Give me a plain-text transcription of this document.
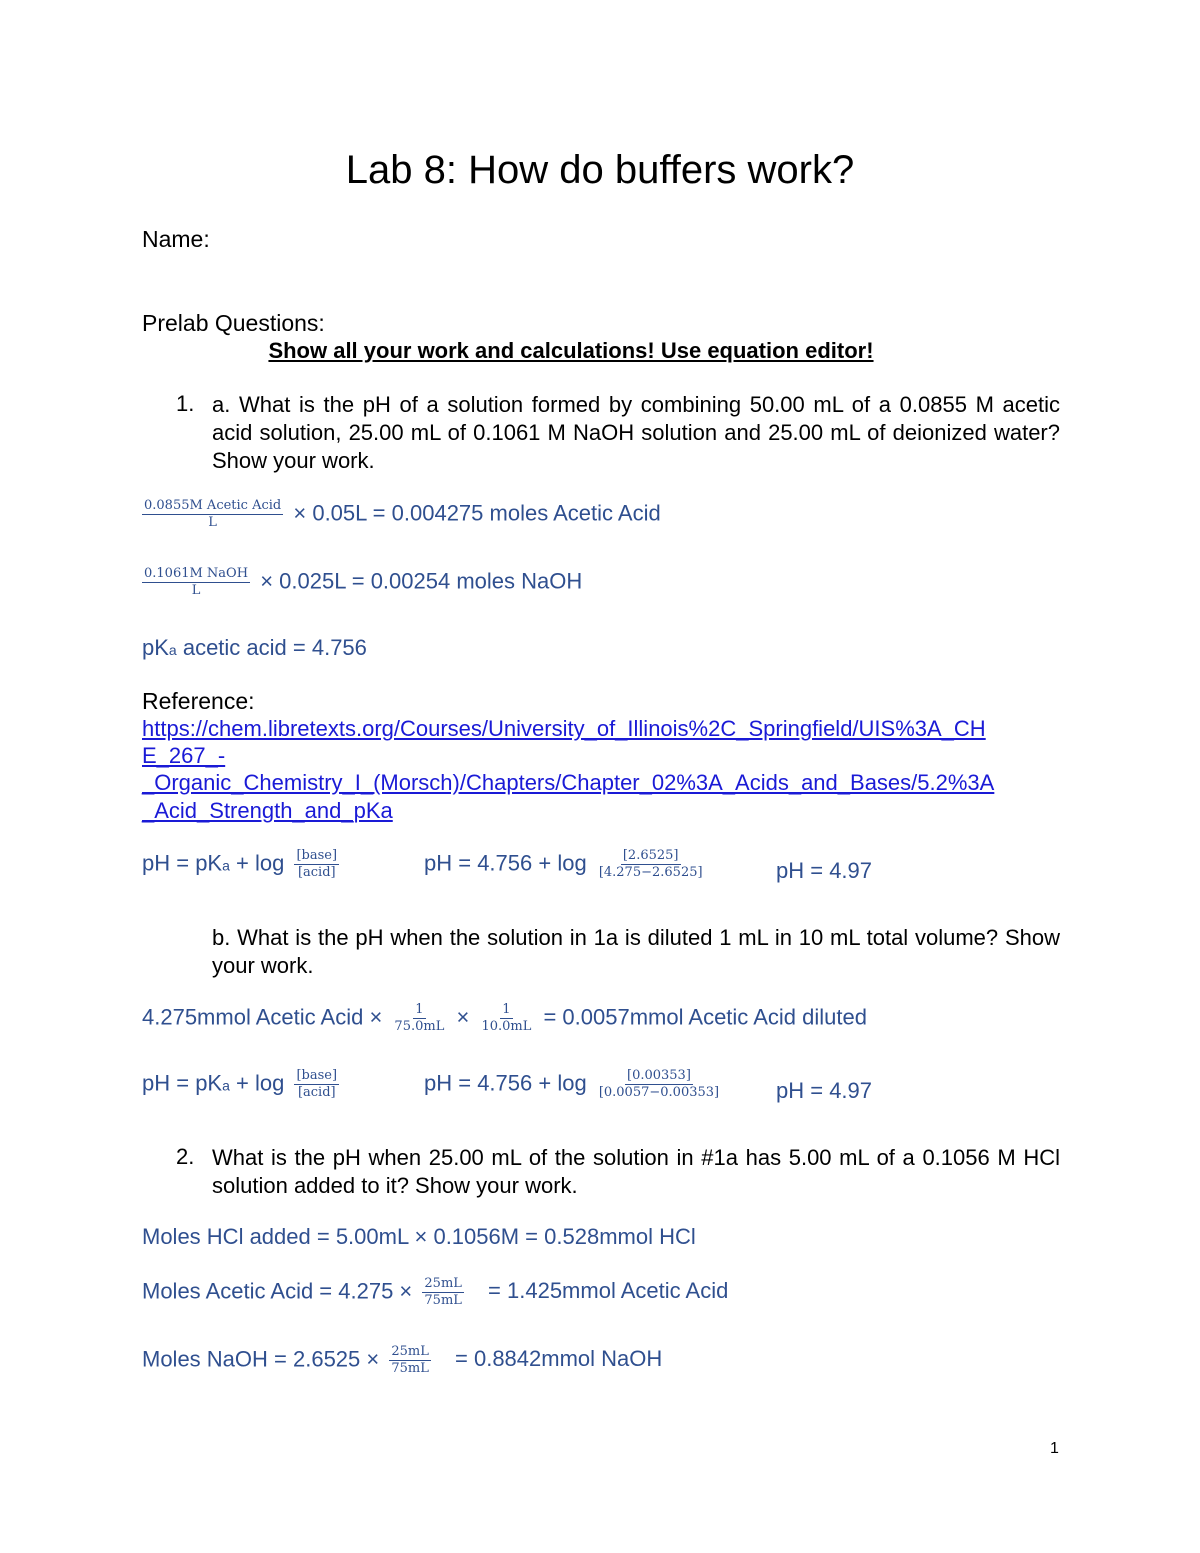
Lab 8: How do buffers work?
Name:
Prelab Questions:
Show all your work and calculations! Use equation editor!
1. a. What is the pH of a solution formed by combining 50.00 mL of a 0.0855 M acetic acid solution, 25.00 mL of 0.1061 M NaOH solution and 25.00 mL of deionized water? Show your work.
$\frac{\text{0.0855M Acetic Acid}}{L} \times 0.05L = 0.004275$ moles Acetic Acid
$\frac{\text{0.1061M NaOH}}{L} \times 0.025L = 0.00254$ moles NaOH
pKa acetic acid = 4.756
Reference:
https://chem.libretexts.org/Courses/University_of_Illinois%2C_Springfield/UIS%3A_CH
E_267_-
_Organic_Chemistry_I_(Morsch)/Chapters/Chapter_02%3A_Acids_and_Bases/5.2%3A
_Acid_Strength_and_pKa
pH = pKa + $\log \frac{\text{[base]}}{\text{[acid]}}$	pH = $4.756 + \log \frac{[2.6525]}{[4.275-2.6525]}$	pH = 4.97
b. What is the pH when the solution in 1a is diluted 1 mL in 10 mL total volume? Show your work.
4.275mmol Acetic Acid × $\frac{1}{75.0mL} \times \frac{1}{10.0mL}$ = 0.0057mmol Acetic Acid diluted
pH = pKa + $\log \frac{\text{[base]}}{\text{[acid]}}$	pH = $4.756 + \log \frac{[0.00353]}{[0.0057-0.00353]}$ pH = 4.97
2. What is the pH when 25.00 mL of the solution in #1a has 5.00 mL of a 0.1056 M HCl solution added to it? Show your work.
Moles HCl added = 5.00mL × 0.1056M = 0.528mmol HCl
Moles Acetic Acid = $4.275 \times \frac{25mL}{75mL}$ = 1.425mmol Acetic Acid
Moles NaOH = $2.6525 \times \frac{25mL}{75mL}$ = 0.8842mmol NaOH
1
